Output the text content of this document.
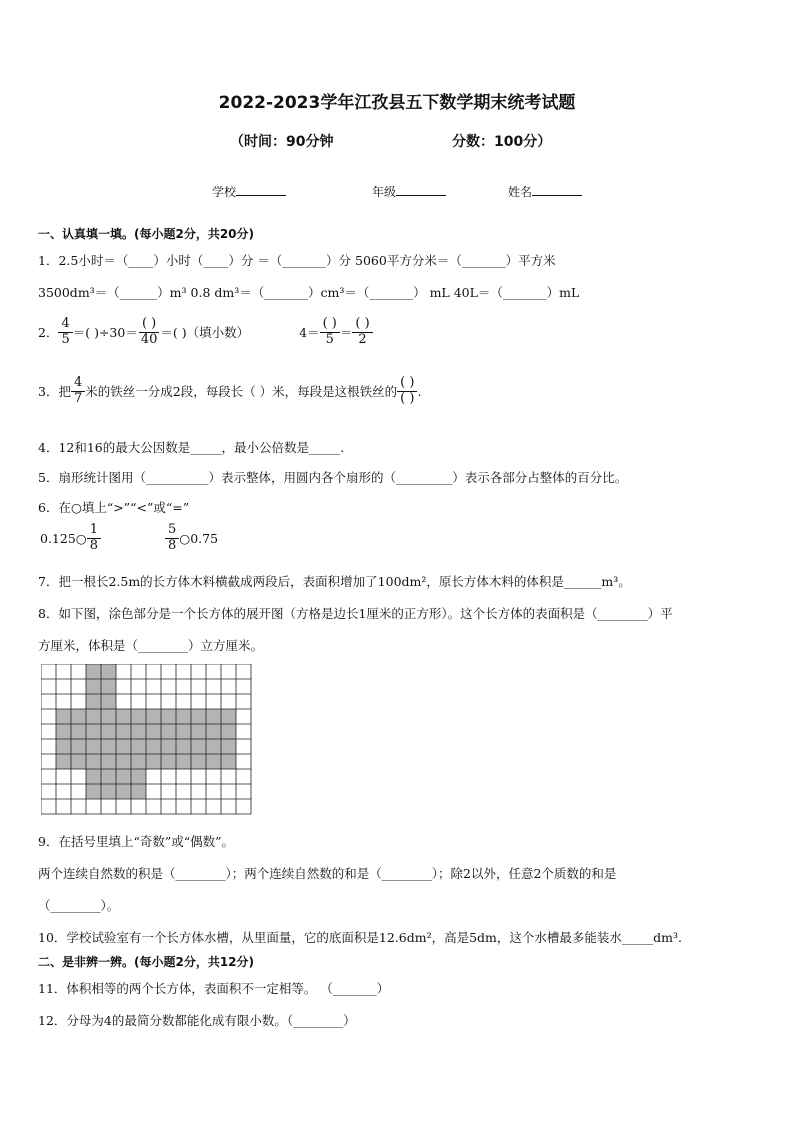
2022-2023学年江孜县五下数学期末统考试题
（时间：90分钟	分数：100分）
学校	年级	姓名
一、认真填一填。(每小题2分，共20分)
1．2.5小时＝（____）小时（____）分 ＝（_______）分 5060平方分米＝（_______）平方米
3500dm³＝（______）m³ 0.8 dm³＝（_______）cm³＝（_______） mL 40L＝（_______）mL
2． $\frac{4}{5}$ ＝( )$\div 30= \frac{( )}{40}$ ＝( )（填小数）	$4= \frac{( )}{5} = \frac{( )}{2}$
3．把 $\frac{4}{7}$ 米的铁丝一分成2段，每段长（ ）米，每段是这根铁丝的 $\frac{( )}{( )}$ .
4．12和16的最大公因数是_____，最小公倍数是_____.
5．扇形统计图用（__________）表示整体，用圆内各个扇形的（_________）表示各部分占整体的百分比。
6．在○填上“>”“<”或“=”
0.125○ $\frac{1}{8}$	$\frac{5}{8}$ ○0.75
7．把一根长2.5m的长方体木料横截成两段后，表面积增加了100dm²，原长方体木料的体积是______m³。
8．如下图，涂色部分是一个长方体的展开图（方格是边长1厘米的正方形）。这个长方体的表面积是（________）平
方厘米，体积是（________）立方厘米。
9．在括号里填上“奇数”或“偶数”。
两个连续自然数的积是（________）；两个连续自然数的和是（________）；除2以外，任意2个质数的和是
（________）。
10．学校试验室有一个长方体水槽，从里面量，它的底面积是12.6dm²，高是5dm，这个水槽最多能装水_____dm³.
二、是非辨一辨。(每小题2分，共12分)
11．体积相等的两个长方体，表面积不一定相等。 （_______）
12．分母为4的最简分数都能化成有限小数。（________）
